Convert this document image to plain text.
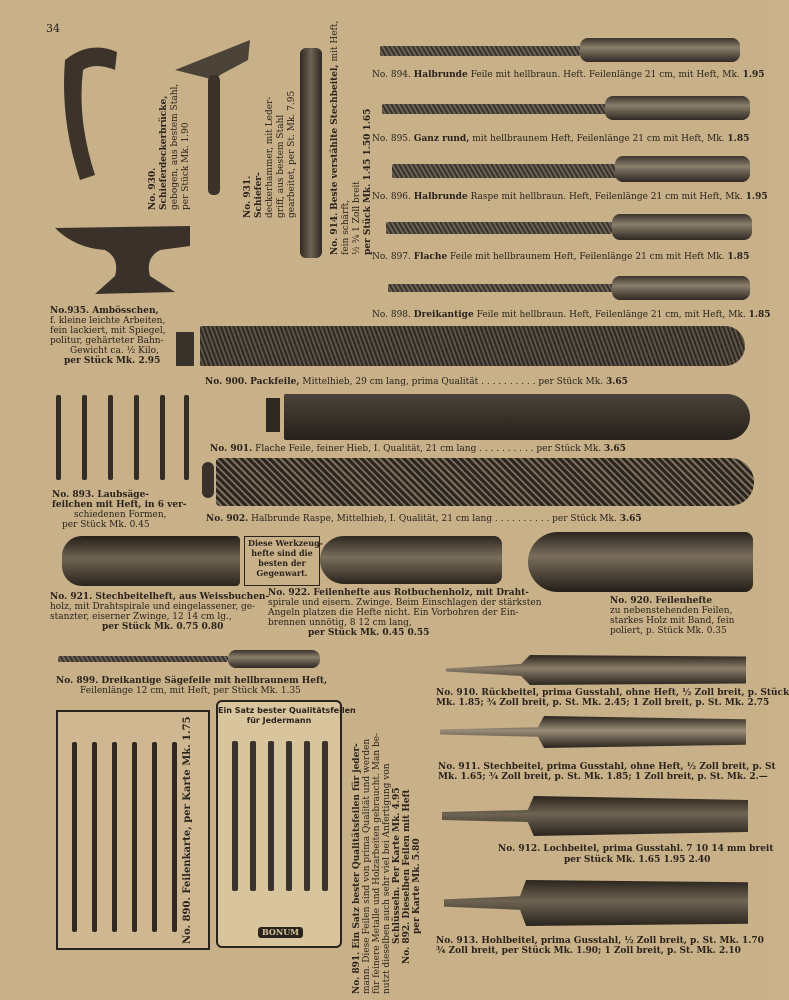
34
No. 930. Schieferdeckerbrücke, gebogen, aus bestem Stahl, per Stück Mk. 1.90	No. 931. Schiefer- deckerhammer, mit Leder- griff, aus bestem Stahl gearbeitet, per St. Mk. 7.95
No. 914. Beste verstählte Stechbeitel, mit Heft,
fein schärft, ½ ¾ 1 Zoll breit per Stück Mk. 1.45 1.50 1.65
No.935. Ambösschen,
f. kleine leichte Arbeiten,
fein lackiert, mit Spiegel,
politur, gehärteter Bahn-
Gewicht ca. ½ Kilo,
per Stück Mk. 2.95
No. 894. Halbrunde Feile mit hellbraun. Heft. Feilenlänge 21 cm, mit Heft, Mk. 1.95
No. 895. Ganz rund, mit hellbraunem Heft, Feilenlänge 21 cm mit Heft, Mk. 1.85
No. 896. Halbrunde Raspe mit hellbraun. Heft, Feilenlänge 21 cm mit Heft, Mk. 1.95
No. 897. Flache Feile mit hellbraunem Heft, Feilenlänge 21 cm mit Heft Mk. 1.85
No. 898. Dreikantige Feile mit hellbraun. Heft, Feilenlänge 21 cm, mit Heft, Mk. 1.85
No. 900. Packfeile, Mittelhieb, 29 cm lang, prima Qualität . . . . . . . . . . per Stück Mk. 3.65
No. 893. Laubsäge-
feilchen mit Heft, in 6 ver-
schiedenen Formen,
per Stück Mk. 0.45
No. 901. Flache Feile, feiner Hieb, I. Qualität, 21 cm lang . . . . . . . . . . per Stück Mk. 3.65
No. 902. Halbrunde Raspe, Mittelhieb, I. Qualität, 21 cm lang . . . . . . . . . . per Stück Mk. 3.65
Diese Werkzeug-
hefte sind die
besten der
Gegenwart.
No. 921. Stechbeitelheft, aus Weissbuchen-
holz, mit Drahtspirale und eingelassener, ge-
stanzter, eiserner Zwinge, 12 14 cm lg.,
per Stück Mk. 0.75 0.80
No. 922. Feilenhefte aus Rotbuchenholz, mit Draht-
spirale und eisern. Zwinge. Beim Einschlagen der stärksten
Angeln platzen die Hefte nicht. Ein Vorbohren der Ein-
brennen unnötig, 8 12 cm lang,
per Stück Mk. 0.45 0.55
No. 920. Feilenhefte
zu nebenstehenden Feilen,
starkes Holz mit Band, fein
poliert, p. Stück Mk. 0.35
No. 899. Dreikantige Sägefeile mit hellbraunem Heft,
Feilenlänge 12 cm, mit Heft, per Stück Mk. 1.35	No. 910. Rückbeitel, prima Gusstahl, ohne Heft, ½ Zoll breit, p. Stück
Mk. 1.85; ¾ Zoll breit, p. St. Mk. 2.45; 1 Zoll breit, p. St. Mk. 2.75
No. 911. Stechbeitel, prima Gusstahl, ohne Heft, ½ Zoll breit, p. St
Mk. 1.65; ¾ Zoll breit, p. St. Mk. 1.85; 1 Zoll breit, p. St. Mk. 2.—
No. 912. Lochbeitel, prima Gusstahl. 7 10 14 mm breit
per Stück Mk. 1.65 1.95 2.40
No. 913. Hohlbeitel, prima Gusstahl, ½ Zoll breit, p. St. Mk. 1.70
¾ Zoll breit, per Stück Mk. 1.90; 1 Zoll breit, p. St. Mk. 2.10
No. 890. Feilenkarte, per Karte Mk. 1.75
Ein Satz bester Qualitätsfeilen
für Jedermann
BONUM	No. 891. Ein Satz bester Qualitätsfeilen für jeder- mann. Diese Feilen sind von prima Qualität und werden für feinere Metalle und Holzarbeiten gebraucht. Man be- nutzt dieselben auch sehr viel bei Anfertigung von Schlüsseln. Per Karte Mk. 4.95 No. 892. Dieselben Feilen mit Heft per Karte Mk. 5.80
